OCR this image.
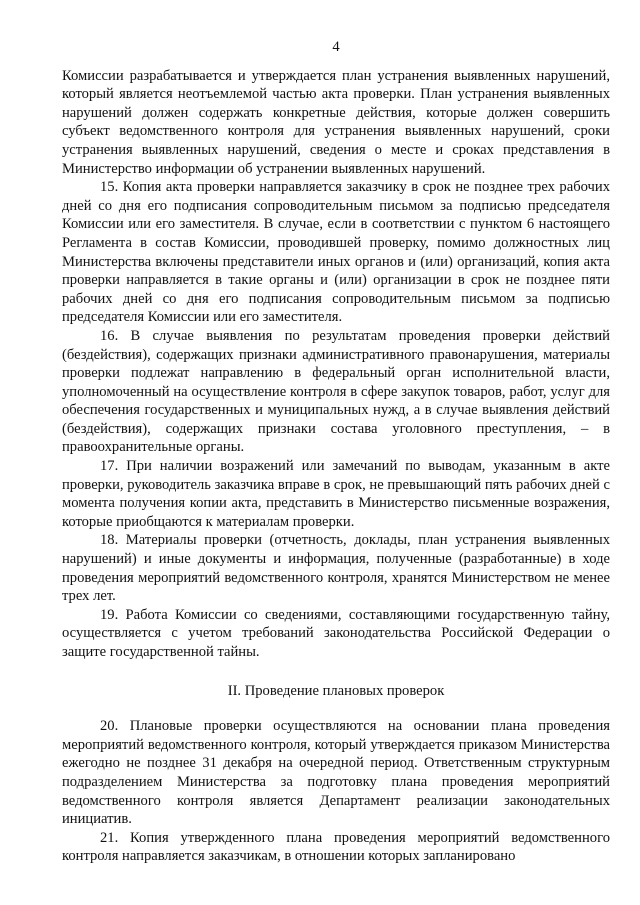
4

Комиссии разрабатывается и утверждается план устранения выявленных нарушений, который является неотъемлемой частью акта проверки. План устранения выявленных нарушений должен содержать конкретные действия, которые должен совершить субъект ведомственного контроля для устранения выявленных нарушений, сроки устранения выявленных нарушений, сведения о месте и сроках представления в Министерство информации об устранении выявленных нарушений.

15. Копия акта проверки направляется заказчику в срок не позднее трех рабочих дней со дня его подписания сопроводительным письмом за подписью председателя Комиссии или его заместителя. В случае, если в соответствии с пунктом 6 настоящего Регламента в состав Комиссии, проводившей проверку, помимо должностных лиц Министерства включены представители иных органов и (или) организаций, копия акта проверки направляется в такие органы и (или) организации в срок не позднее пяти рабочих дней со дня его подписания сопроводительным письмом за подписью председателя Комиссии или его заместителя.

16. В случае выявления по результатам проведения проверки действий (бездействия), содержащих признаки административного правонарушения, материалы проверки подлежат направлению в федеральный орган исполнительной власти, уполномоченный на осуществление контроля в сфере закупок товаров, работ, услуг для обеспечения государственных и муниципальных нужд, а в случае выявления действий (бездействия), содержащих признаки состава уголовного преступления, – в правоохранительные органы.

17. При наличии возражений или замечаний по выводам, указанным в акте проверки, руководитель заказчика вправе в срок, не превышающий пять рабочих дней с момента получения копии акта, представить в Министерство письменные возражения, которые приобщаются к материалам проверки.

18. Материалы проверки (отчетность, доклады, план устранения выявленных нарушений) и иные документы и информация, полученные (разработанные) в ходе проведения мероприятий ведомственного контроля, хранятся Министерством не менее трех лет.

19. Работа Комиссии со сведениями, составляющими государственную тайну, осуществляется с учетом требований законодательства Российской Федерации о защите государственной тайны.

II. Проведение плановых проверок

20. Плановые проверки осуществляются на основании плана проведения мероприятий ведомственного контроля, который утверждается приказом Министерства ежегодно не позднее 31 декабря на очередной период. Ответственным структурным подразделением Министерства за подготовку плана проведения мероприятий ведомственного контроля является Департамент реализации законодательных инициатив.

21. Копия утвержденного плана проведения мероприятий ведомственного контроля направляется заказчикам, в отношении которых запланировано
